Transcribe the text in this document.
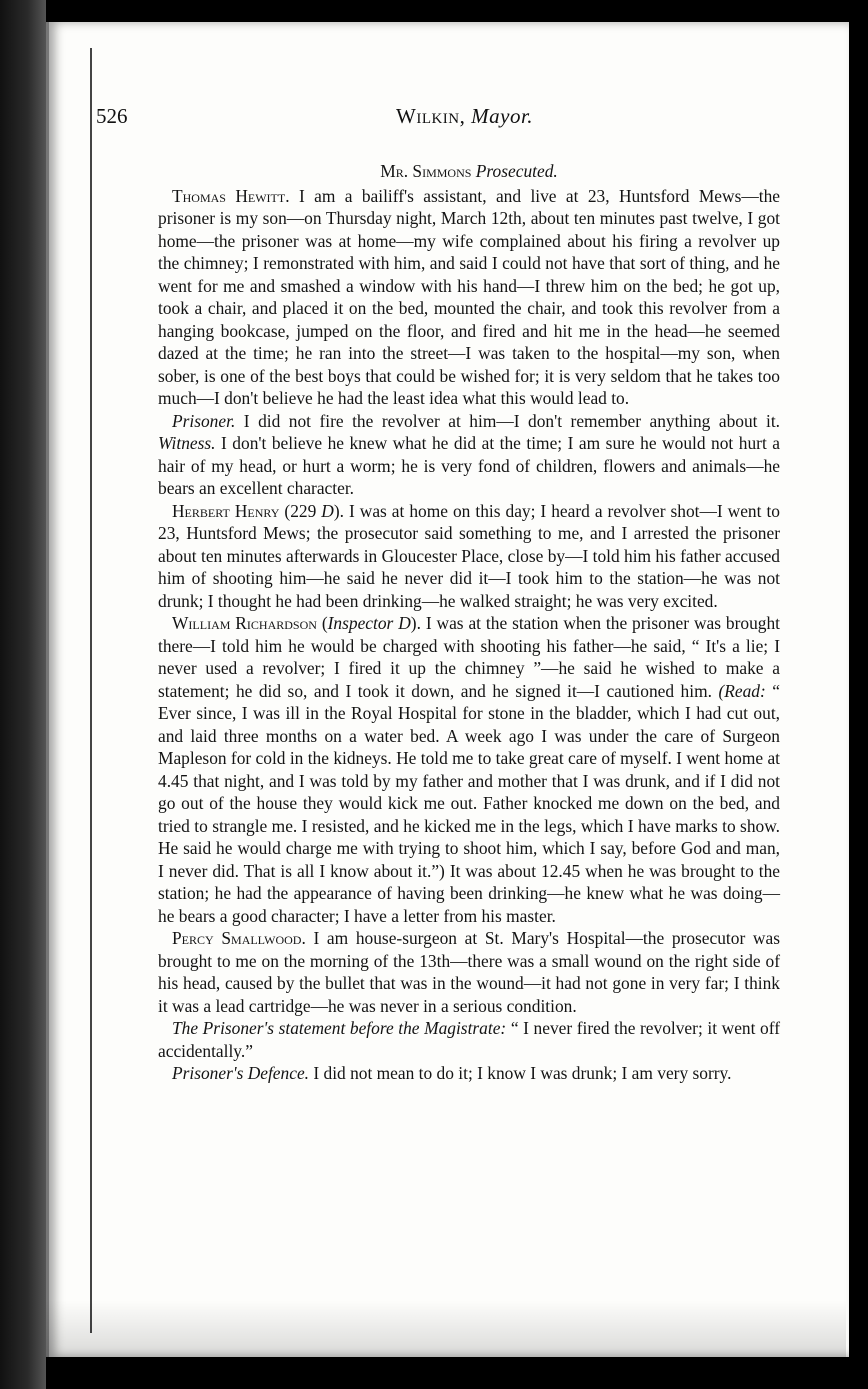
526	Wilkin, Mayor.

Mr. Simmons Prosecuted.

Thomas Hewitt. I am a bailiff's assistant, and live at 23, Huntsford Mews—the prisoner is my son—on Thursday night, March 12th, about ten minutes past twelve, I got home—the prisoner was at home—my wife complained about his firing a revolver up the chimney; I remonstrated with him, and said I could not have that sort of thing, and he went for me and smashed a window with his hand—I threw him on the bed; he got up, took a chair, and placed it on the bed, mounted the chair, and took this revolver from a hanging bookcase, jumped on the floor, and fired and hit me in the head—he seemed dazed at the time; he ran into the street—I was taken to the hospital—my son, when sober, is one of the best boys that could be wished for; it is very seldom that he takes too much—I don't believe he had the least idea what this would lead to.

Prisoner. I did not fire the revolver at him—I don't remember anything about it. Witness. I don't believe he knew what he did at the time; I am sure he would not hurt a hair of my head, or hurt a worm; he is very fond of children, flowers and animals—he bears an excellent character.

Herbert Henry (229 D). I was at home on this day; I heard a revolver shot—I went to 23, Huntsford Mews; the prosecutor said something to me, and I arrested the prisoner about ten minutes afterwards in Gloucester Place, close by—I told him his father accused him of shooting him—he said he never did it—I took him to the station—he was not drunk; I thought he had been drinking—he walked straight; he was very excited.

William Richardson (Inspector D). I was at the station when the prisoner was brought there—I told him he would be charged with shooting his father—he said, “ It's a lie; I never used a revolver; I fired it up the chimney ”—he said he wished to make a statement; he did so, and I took it down, and he signed it—I cautioned him. (Read: “ Ever since, I was ill in the Royal Hospital for stone in the bladder, which I had cut out, and laid three months on a water bed. A week ago I was under the care of Surgeon Mapleson for cold in the kidneys. He told me to take great care of myself. I went home at 4.45 that night, and I was told by my father and mother that I was drunk, and if I did not go out of the house they would kick me out. Father knocked me down on the bed, and tried to strangle me. I resisted, and he kicked me in the legs, which I have marks to show. He said he would charge me with trying to shoot him, which I say, before God and man, I never did. That is all I know about it.”) It was about 12.45 when he was brought to the station; he had the appearance of having been drinking—he knew what he was doing—he bears a good character; I have a letter from his master.

Percy Smallwood. I am house-surgeon at St. Mary's Hospital—the prosecutor was brought to me on the morning of the 13th—there was a small wound on the right side of his head, caused by the bullet that was in the wound—it had not gone in very far; I think it was a lead cartridge—he was never in a serious condition.

The Prisoner's statement before the Magistrate: “ I never fired the revolver; it went off accidentally.”

Prisoner's Defence. I did not mean to do it; I know I was drunk; I am very sorry.
